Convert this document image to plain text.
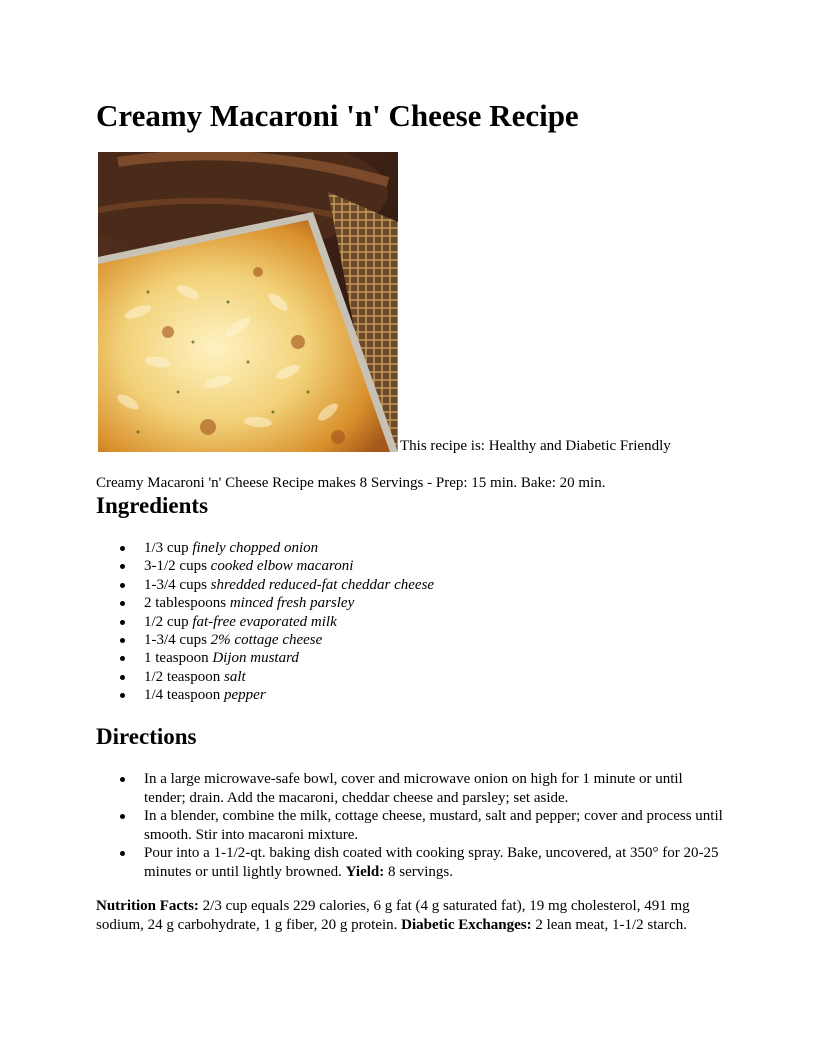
Creamy Macaroni 'n' Cheese Recipe
This recipe is: Healthy and Diabetic Friendly
Creamy Macaroni 'n' Cheese Recipe makes 8 Servings - Prep: 15 min. Bake: 20 min.
Ingredients
1/3 cup finely chopped onion
3-1/2 cups cooked elbow macaroni
1-3/4 cups shredded reduced-fat cheddar cheese
2 tablespoons minced fresh parsley
1/2 cup fat-free evaporated milk
1-3/4 cups 2% cottage cheese
1 teaspoon Dijon mustard
1/2 teaspoon salt
1/4 teaspoon pepper
Directions
In a large microwave-safe bowl, cover and microwave onion on high for 1 minute or until tender; drain. Add the macaroni, cheddar cheese and parsley; set aside.
In a blender, combine the milk, cottage cheese, mustard, salt and pepper; cover and process until smooth. Stir into macaroni mixture.
Pour into a 1-1/2-qt. baking dish coated with cooking spray. Bake, uncovered, at 350° for 20-25 minutes or until lightly browned. Yield: 8 servings.
Nutrition Facts: 2/3 cup equals 229 calories, 6 g fat (4 g saturated fat), 19 mg cholesterol, 491 mg sodium, 24 g carbohydrate, 1 g fiber, 20 g protein. Diabetic Exchanges: 2 lean meat, 1-1/2 starch.
